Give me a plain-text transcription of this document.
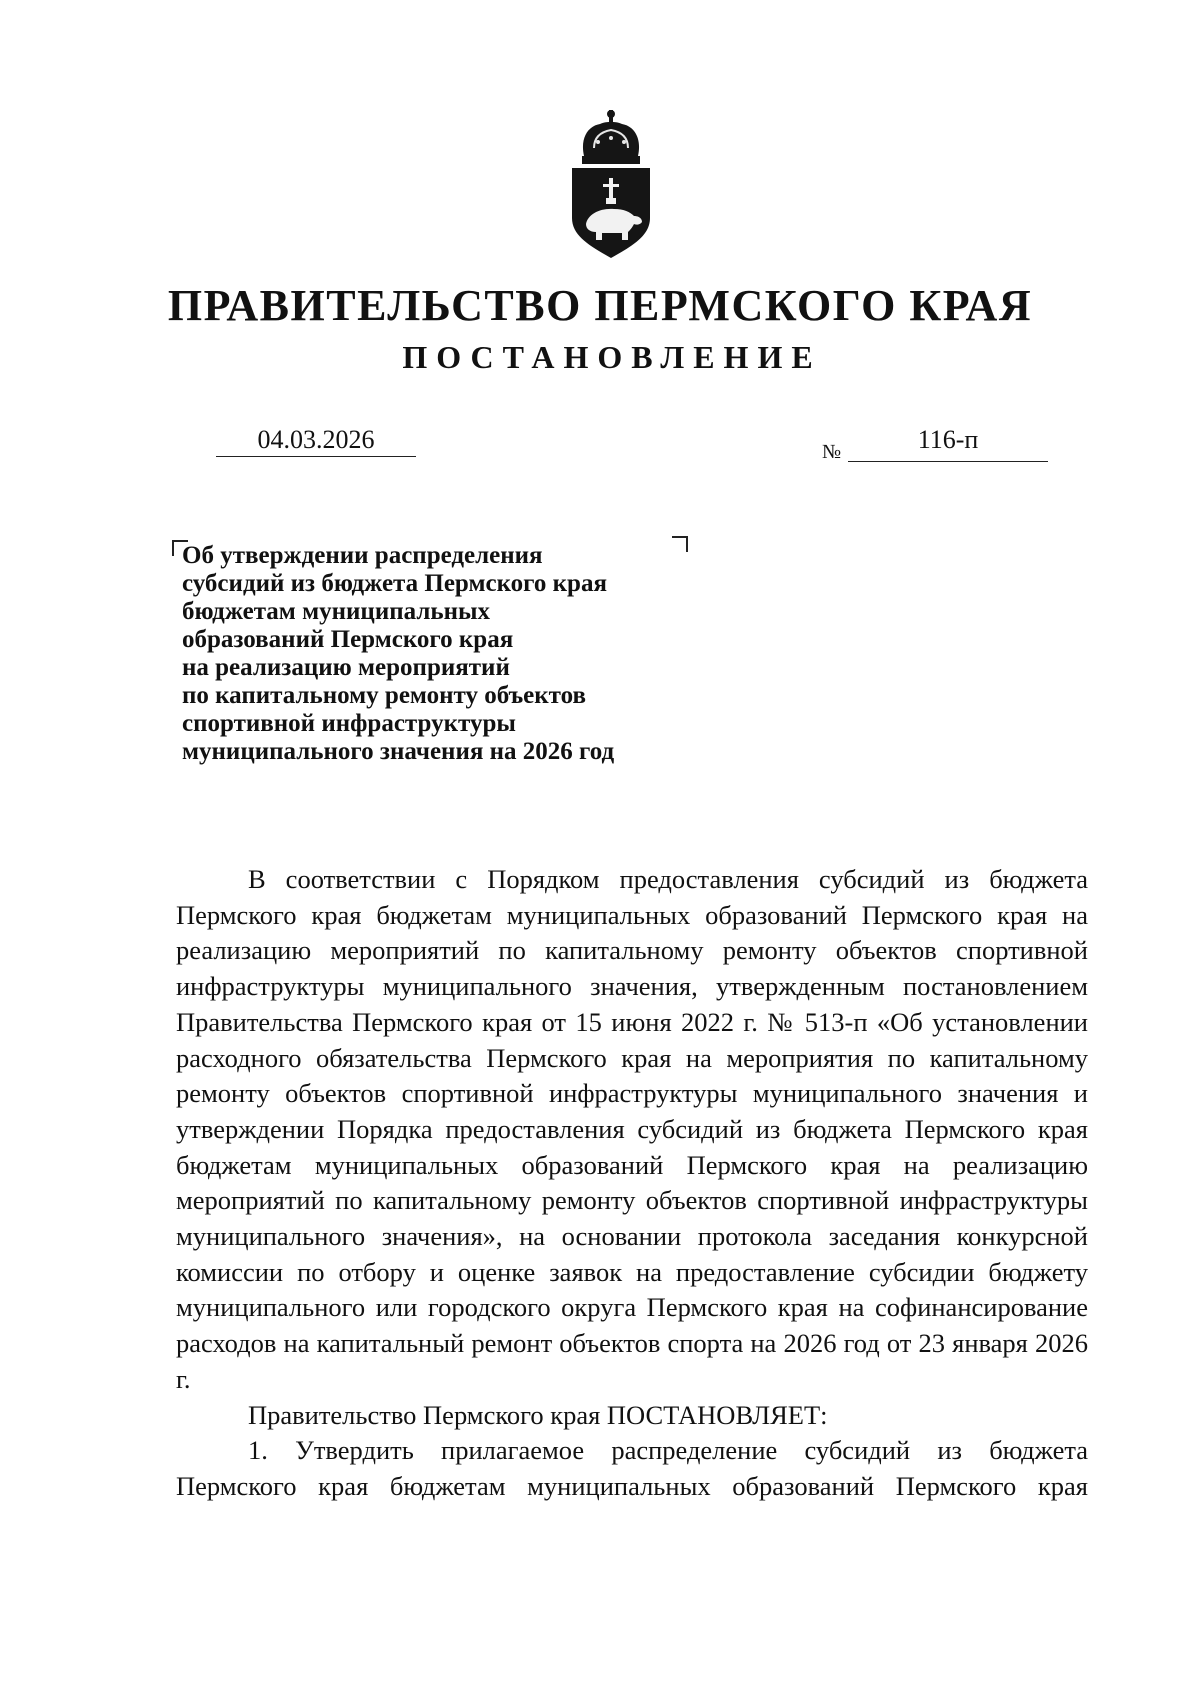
ПРАВИТЕЛЬСТВО ПЕРМСКОГО КРАЯ
ПОСТАНОВЛЕНИЕ
04.03.2026	№	116-п
Об утверждении распределения
субсидий из бюджета Пермского края
бюджетам муниципальных
образований Пермского края
на реализацию мероприятий
по капитальному ремонту объектов
спортивной инфраструктуры
муниципального значения на 2026 год

В соответствии с Порядком предоставления субсидий из бюджета Пермского края бюджетам муниципальных образований Пермского края на реализацию мероприятий по капитальному ремонту объектов спортивной инфраструктуры муниципального значения, утвержденным постановлением Правительства Пермского края от 15 июня 2022 г. № 513-п «Об установлении расходного обязательства Пермского края на мероприятия по капитальному ремонту объектов спортивной инфраструктуры муниципального значения и утверждении Порядка предоставления субсидий из бюджета Пермского края бюджетам муниципальных образований Пермского края на реализацию мероприятий по капитальному ремонту объектов спортивной инфраструктуры муниципального значения», на основании протокола заседания конкурсной комиссии по отбору и оценке заявок на предоставление субсидии бюджету муниципального или городского округа Пермского края на софинансирование расходов на капитальный ремонт объектов спорта на 2026 год от 23 января 2026 г.

Правительство Пермского края ПОСТАНОВЛЯЕТ:

1. Утвердить прилагаемое распределение субсидий из бюджета Пермского края бюджетам муниципальных образований Пермского края
